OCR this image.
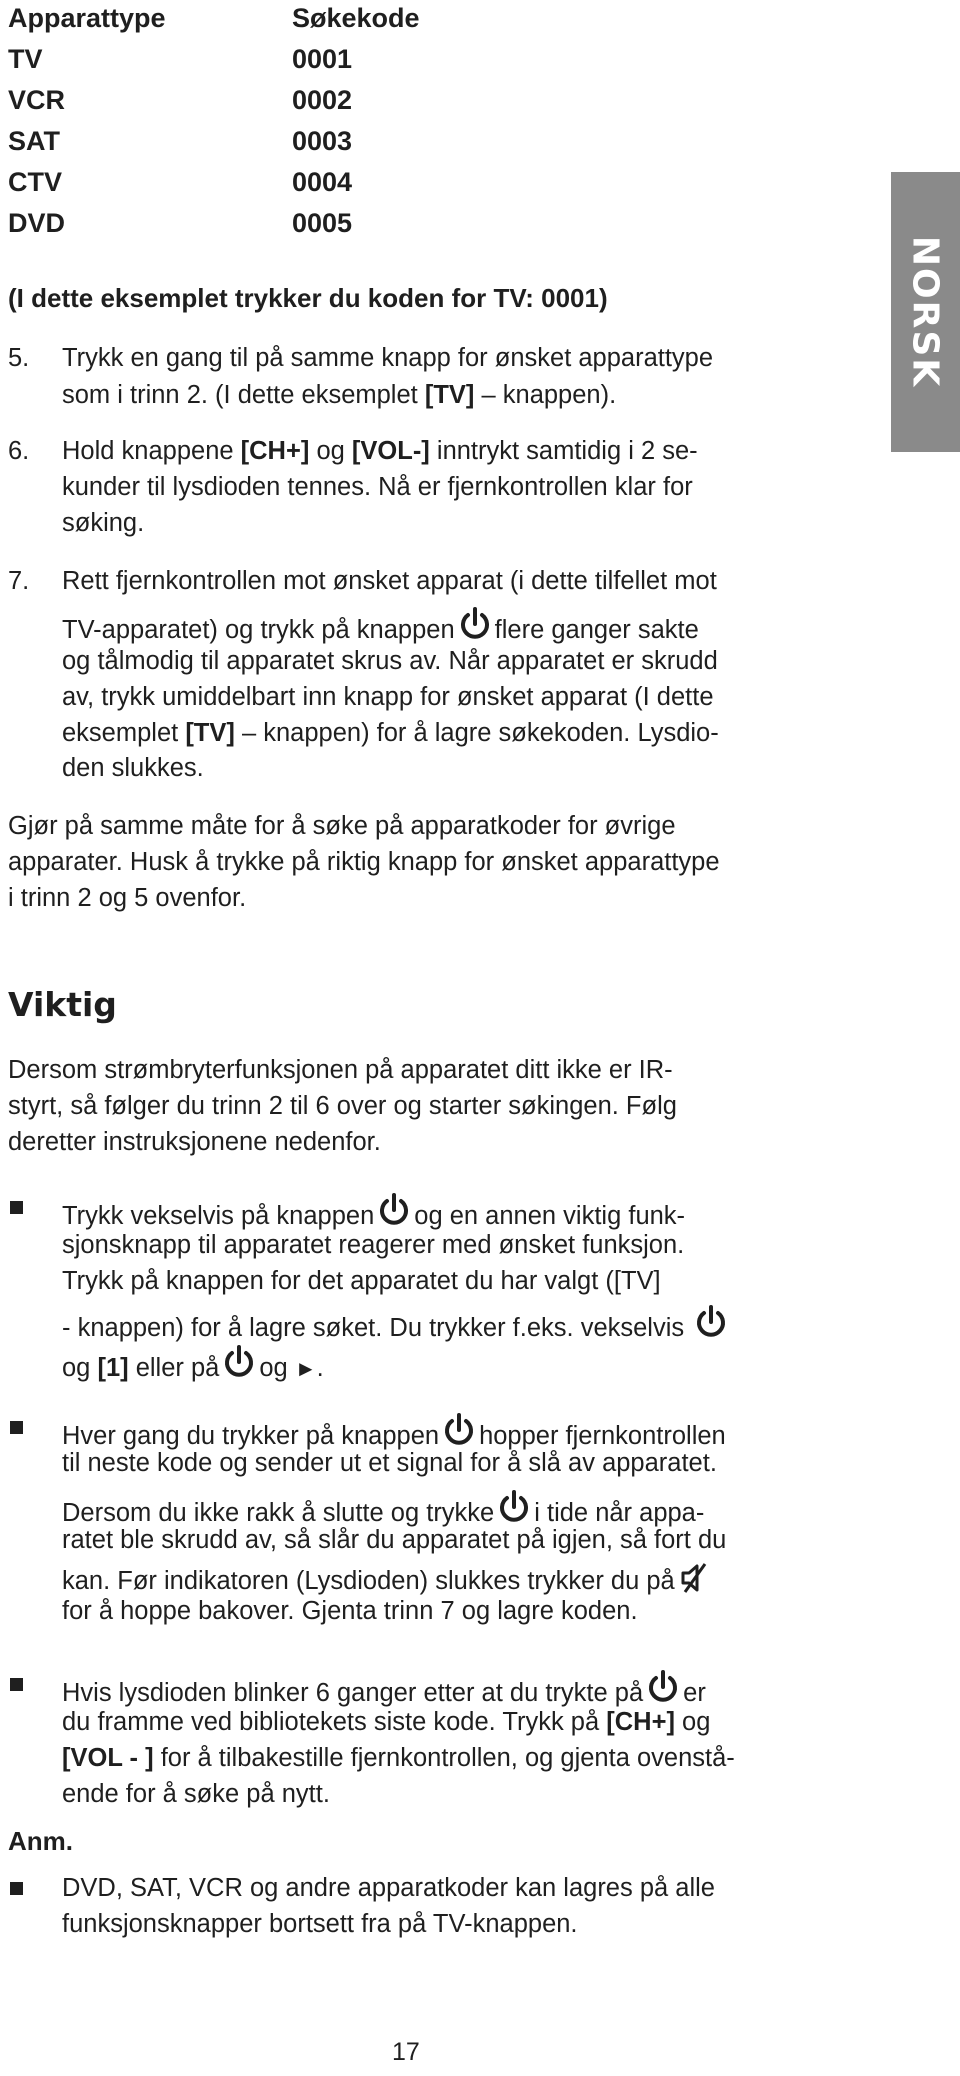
NORSK
Apparattype	Søkekode
TV	0001
VCR	0002
SAT	0003
CTV	0004
DVD	0005
(I dette eksemplet trykker du koden for TV: 0001)
5. Trykk en gang til på samme knapp for ønsket apparattype
som i trinn 2. (I dette eksemplet [TV] – knappen).
6. Hold knappene [CH+] og [VOL-] inntrykt samtidig i 2 se-
kunder til lysdioden tennes. Nå er fjernkontrollen klar for
søking.
7. Rett fjernkontrollen mot ønsket apparat (i dette tilfellet mot
TV-apparatet) og trykk på knappen flere ganger sakte
og tålmodig til apparatet skrus av. Når apparatet er skrudd
av, trykk umiddelbart inn knapp for ønsket apparat (I dette
eksemplet [TV] – knappen) for å lagre søkekoden. Lysdio-
den slukkes.
Gjør på samme måte for å søke på apparatkoder for øvrige
apparater. Husk å trykke på riktig knapp for ønsket apparattype
i trinn 2 og 5 ovenfor.
Viktig
Dersom strømbryterfunksjonen på apparatet ditt ikke er IR-
styrt, så følger du trinn 2 til 6 over og starter søkingen. Følg
deretter instruksjonene nedenfor.
Trykk vekselvis på knappen og en annen viktig funk-
sjonsknapp til apparatet reagerer med ønsket funksjon.
Trykk på knappen for det apparatet du har valgt ([TV]
- knappen) for å lagre søket. Du trykker f.eks. vekselvis
og [1] eller på og ►.
Hver gang du trykker på knappen hopper fjernkontrollen
til neste kode og sender ut et signal for å slå av apparatet.
Dersom du ikke rakk å slutte og trykke i tide når appa-
ratet ble skrudd av, så slår du apparatet på igjen, så fort du
kan. Før indikatoren (Lysdioden) slukkes trykker du på
for å hoppe bakover. Gjenta trinn 7 og lagre koden.
Hvis lysdioden blinker 6 ganger etter at du trykte på er
du framme ved bibliotekets siste kode. Trykk på [CH+] og
[VOL - ] for å tilbakestille fjernkontrollen, og gjenta ovenstå-
ende for å søke på nytt.
Anm.
DVD, SAT, VCR og andre apparatkoder kan lagres på alle
funksjonsknapper bortsett fra på TV-knappen.
17
